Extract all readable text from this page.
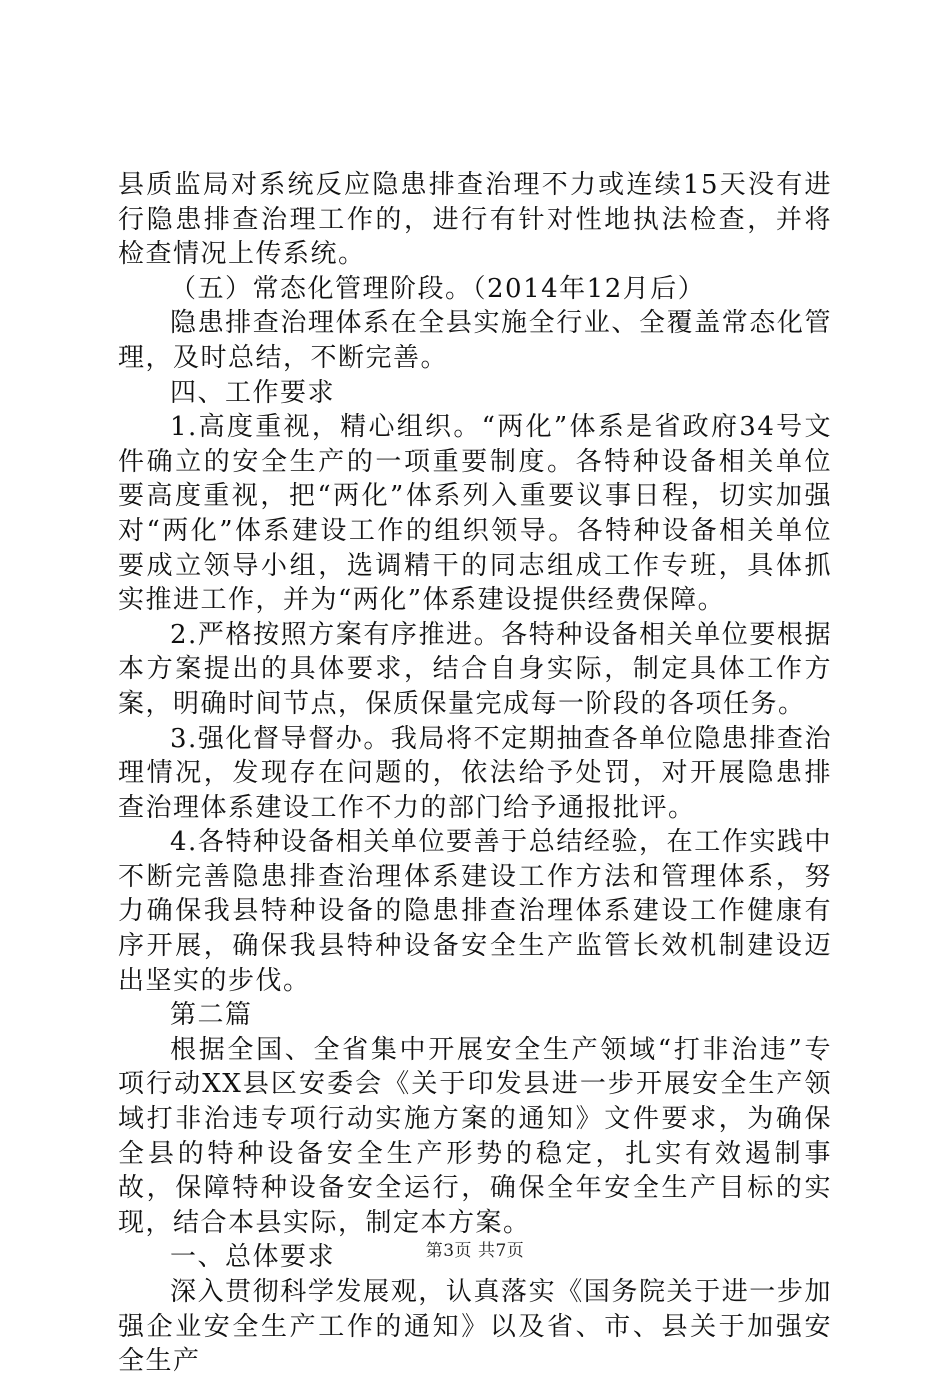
县质监局对系统反应隐患排查治理不力或连续15天没有进行隐患排查治理工作的，进行有针对性地执法检查，并将检查情况上传系统。

（五）常态化管理阶段。（2014年12月后）

隐患排查治理体系在全县实施全行业、全覆盖常态化管理，及时总结，不断完善。

四、工作要求

1.高度重视，精心组织。“两化”体系是省政府34号文件确立的安全生产的一项重要制度。各特种设备相关单位要高度重视，把“两化”体系列入重要议事日程，切实加强对“两化”体系建设工作的组织领导。各特种设备相关单位要成立领导小组，选调精干的同志组成工作专班，具体抓实推进工作，并为“两化”体系建设提供经费保障。

2.严格按照方案有序推进。各特种设备相关单位要根据本方案提出的具体要求，结合自身实际，制定具体工作方案，明确时间节点，保质保量完成每一阶段的各项任务。

3.强化督导督办。我局将不定期抽查各单位隐患排查治理情况，发现存在问题的，依法给予处罚，对开展隐患排查治理体系建设工作不力的部门给予通报批评。

4.各特种设备相关单位要善于总结经验，在工作实践中不断完善隐患排查治理体系建设工作方法和管理体系，努力确保我县特种设备的隐患排查治理体系建设工作健康有序开展，确保我县特种设备安全生产监管长效机制建设迈出坚实的步伐。

第二篇

根据全国、全省集中开展安全生产领域“打非治违”专项行动XX县区安委会《关于印发县进一步开展安全生产领域打非治违专项行动实施方案的通知》文件要求，为确保全县的特种设备安全生产形势的稳定，扎实有效遏制事故，保障特种设备安全运行，确保全年安全生产目标的实现，结合本县实际，制定本方案。

一、总体要求

深入贯彻科学发展观，认真落实《国务院关于进一步加强企业安全生产工作的通知》以及省、市、县关于加强安全生产

第3页 共7页
